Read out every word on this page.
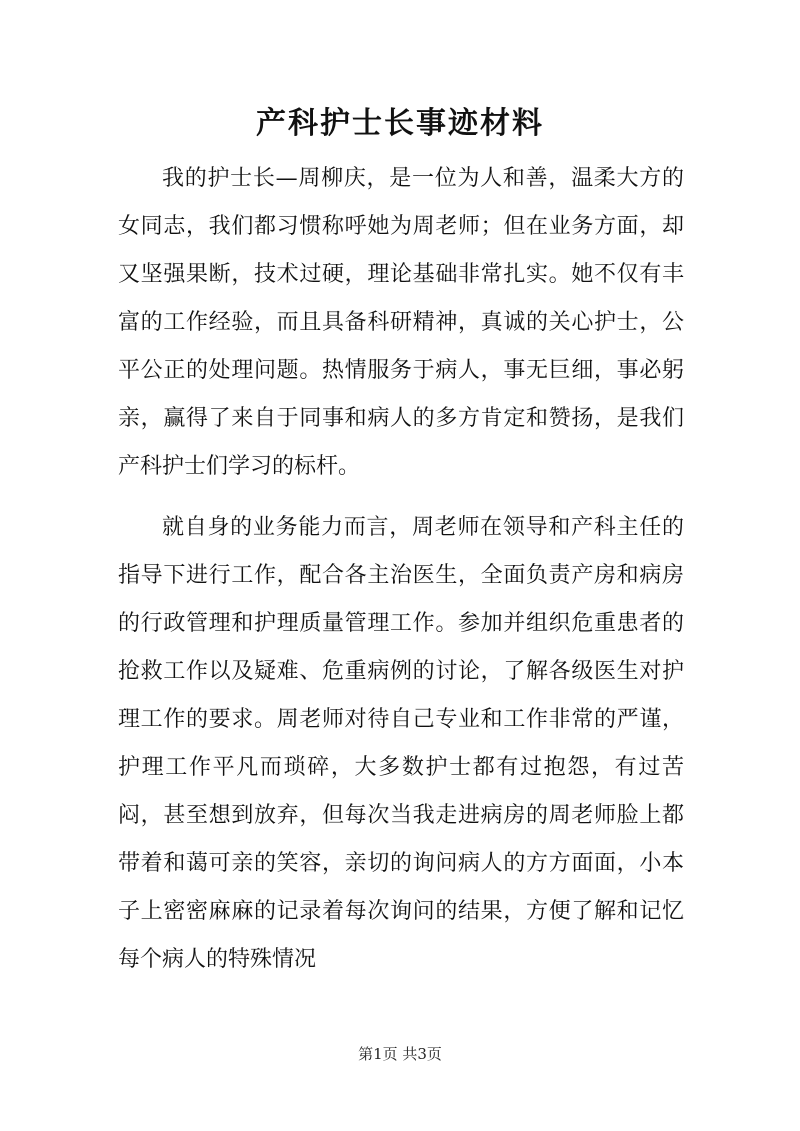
产科护士长事迹材料

我的护士长—周柳庆，是一位为人和善，温柔大方的女同志，我们都习惯称呼她为周老师；但在业务方面，却又坚强果断，技术过硬，理论基础非常扎实。她不仅有丰富的工作经验，而且具备科研精神，真诚的关心护士，公平公正的处理问题。热情服务于病人，事无巨细，事必躬亲，赢得了来自于同事和病人的多方肯定和赞扬，是我们产科护士们学习的标杆。

就自身的业务能力而言，周老师在领导和产科主任的指导下进行工作，配合各主治医生，全面负责产房和病房的行政管理和护理质量管理工作。参加并组织危重患者的抢救工作以及疑难、危重病例的讨论，了解各级医生对护理工作的要求。周老师对待自己专业和工作非常的严谨，护理工作平凡而琐碎，大多数护士都有过抱怨，有过苦闷，甚至想到放弃，但每次当我走进病房的周老师脸上都带着和蔼可亲的笑容，亲切的询问病人的方方面面，小本子上密密麻麻的记录着每次询问的结果，方便了解和记忆每个病人的特殊情况

第1页 共3页
